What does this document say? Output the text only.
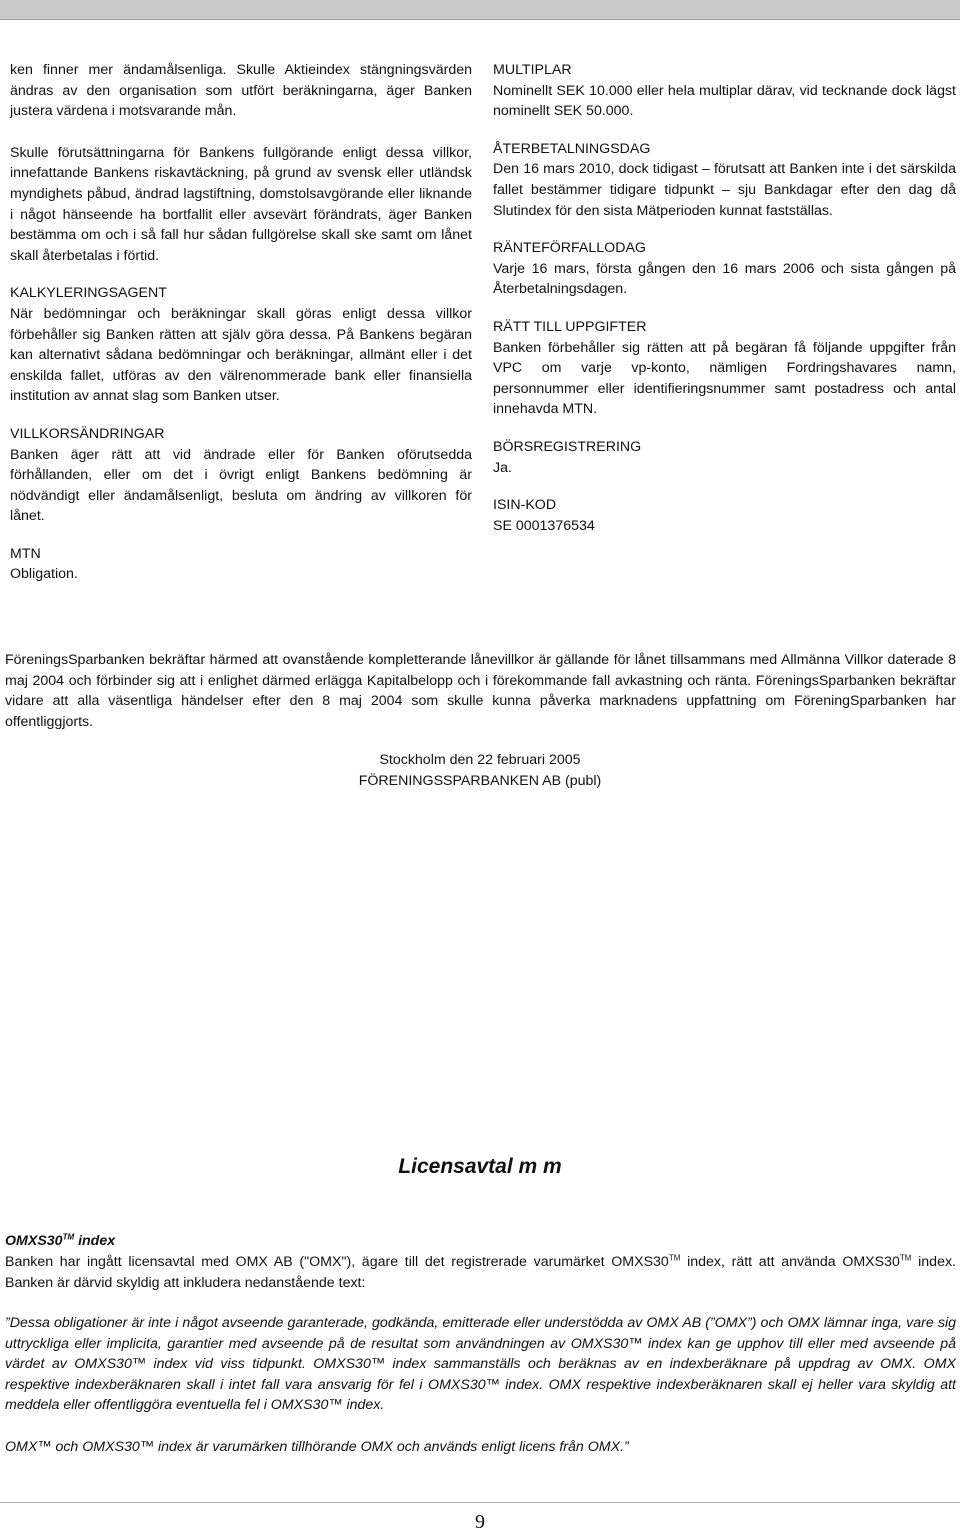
ken finner mer ändamålsenliga. Skulle Aktieindex stängningsvärden ändras av den organisation som utfört beräkningarna, äger Banken justera värdena i motsvarande mån.

Skulle förutsättningarna för Bankens fullgörande enligt dessa villkor, innefattande Bankens riskavtäckning, på grund av svensk eller utländsk myndighets påbud, ändrad lagstiftning, domstolsavgörande eller liknande i något hänseende ha bortfallit eller avsevärt förändrats, äger Banken bestämma om och i så fall hur sådan fullgörelse skall ske samt om lånet skall återbetalas i förtid.

KALKYLERINGSAGENT

När bedömningar och beräkningar skall göras enligt dessa villkor förbehåller sig Banken rätten att själv göra dessa. På Bankens begäran kan alternativt sådana bedömningar och beräkningar, allmänt eller i det enskilda fallet, utföras av den välrenommerade bank eller finansiella institution av annat slag som Banken utser.

VILLKORSÄNDRINGAR

Banken äger rätt att vid ändrade eller för Banken oförutsedda förhållanden, eller om det i övrigt enligt Bankens bedömning är nödvändigt eller ändamålsenligt, besluta om ändring av villkoren för lånet.

MTN

Obligation.

MULTIPLAR

Nominellt SEK 10.000 eller hela multiplar därav, vid tecknande dock lägst nominellt SEK 50.000.

ÅTERBETALNINGSDAG

Den 16 mars 2010, dock tidigast – förutsatt att Banken inte i det särskilda fallet bestämmer tidigare tidpunkt – sju Bankdagar efter den dag då Slutindex för den sista Mätperioden kunnat fastställas.

RÄNTEFÖRFALLODAG

Varje 16 mars, första gången den 16 mars 2006 och sista gången på Återbetalningsdagen.

RÄTT TILL UPPGIFTER

Banken förbehåller sig rätten att på begäran få följande uppgifter från VPC om varje vp-konto, nämligen Fordringshavares namn, personnummer eller identifieringsnummer samt postadress och antal innehavda MTN.

BÖRSREGISTRERING

Ja.

ISIN-KOD

SE 0001376534

FöreningsSparbanken bekräftar härmed att ovanstående kompletterande lånevillkor är gällande för lånet tillsammans med Allmänna Villkor daterade 8 maj 2004 och förbinder sig att i enlighet därmed erlägga Kapitalbelopp och i förekommande fall avkastning och ränta. FöreningsSparbanken bekräftar vidare att alla väsentliga händelser efter den 8 maj 2004 som skulle kunna påverka marknadens uppfattning om FöreningSparbanken har offentliggjorts.

Stockholm den 22 februari 2005
FÖRENINGSSPARBANKEN AB (publ)
Licensavtal m m
OMXS30™ index

Banken har ingått licensavtal med OMX AB ("OMX"), ägare till det registrerade varumärket OMXS30™ index, rätt att använda OMXS30™ index. Banken är därvid skyldig att inkludera nedanstående text:

”Dessa obligationer är inte i något avseende garanterade, godkända, emitterade eller understödda av OMX AB (”OMX”) och OMX lämnar inga, vare sig uttryckliga eller implicita, garantier med avseende på de resultat som användningen av OMXS30™ index kan ge upphov till eller med avseende på värdet av OMXS30™ index vid viss tidpunkt. OMXS30™ index sammanställs och beräknas av en indexberäknare på uppdrag av OMX. OMX respektive indexberäknaren skall i intet fall vara ansvarig för fel i OMXS30™ index. OMX respektive indexberäknaren skall ej heller vara skyldig att meddela eller offentliggöra eventuella fel i OMXS30™ index.

OMX™ och OMXS30™ index är varumärken tillhörande OMX och används enligt licens från OMX.”

9
